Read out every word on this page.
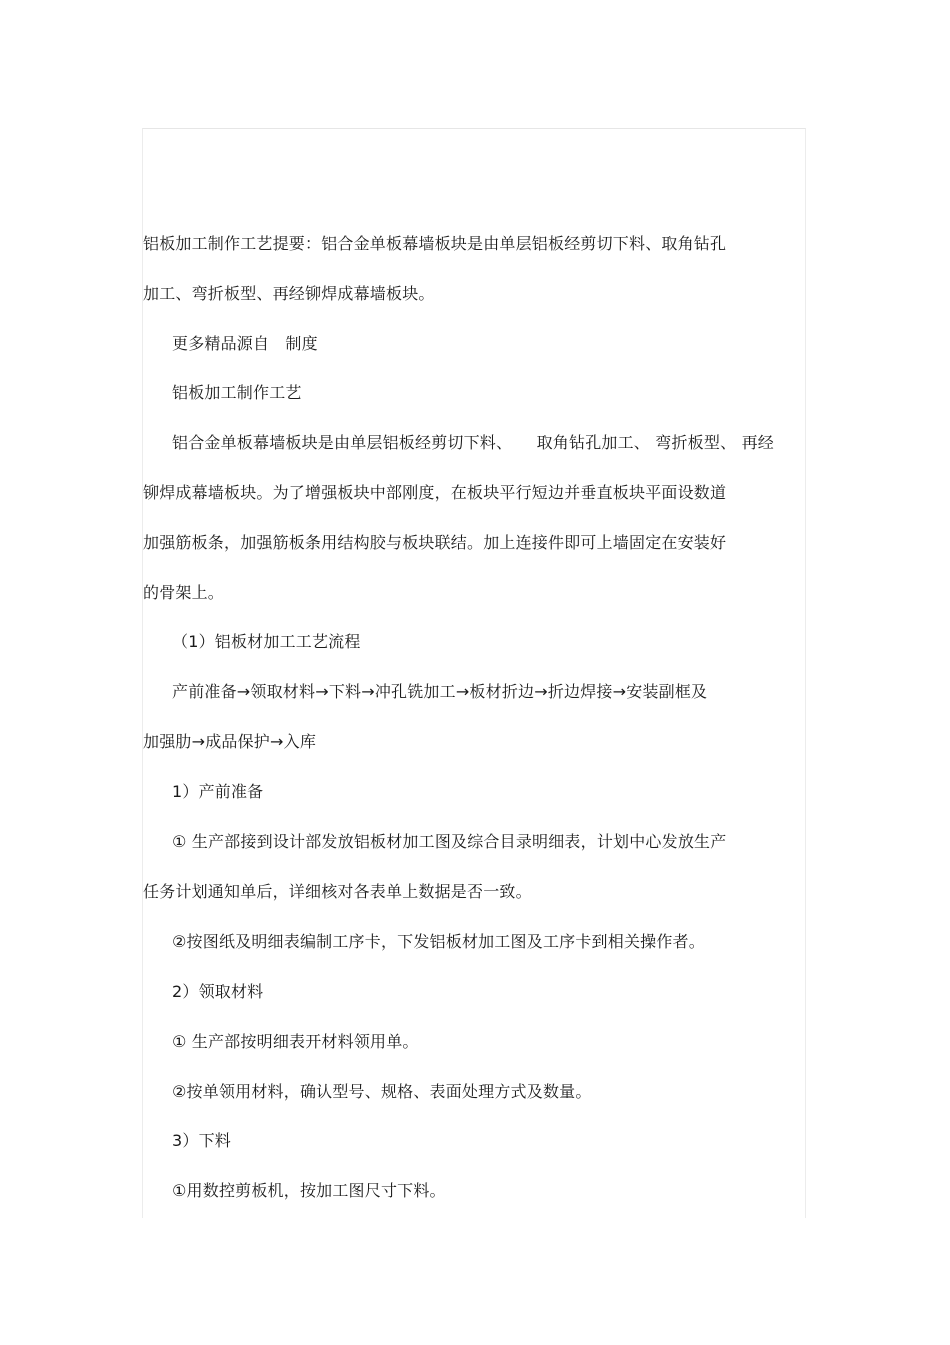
铝板加工制作工艺提要：铝合金单板幕墙板块是由单层铝板经剪切下料、取角钻孔
加工、弯折板型、再经铆焊成幕墙板块。
更多精品源自　制度
铝板加工制作工艺
铝合金单板幕墙板块是由单层铝板经剪切下料、　　取角钻孔加工、 弯折板型、 再经
铆焊成幕墙板块。为了增强板块中部刚度，在板块平行短边并垂直板块平面设数道
加强筋板条，加强筋板条用结构胶与板块联结。加上连接件即可上墙固定在安装好
的骨架上。
（1）铝板材加工工艺流程
产前准备→领取材料→下料→冲孔铣加工→板材折边→折边焊接→安装副框及
加强肋→成品保护→入库
1）产前准备
① 生产部接到设计部发放铝板材加工图及综合目录明细表，计划中心发放生产
任务计划通知单后，详细核对各表单上数据是否一致。
②按图纸及明细表编制工序卡，下发铝板材加工图及工序卡到相关操作者。
2）领取材料
① 生产部按明细表开材料领用单。
②按单领用材料，确认型号、规格、表面处理方式及数量。
3）下料
①用数控剪板机，按加工图尺寸下料。
